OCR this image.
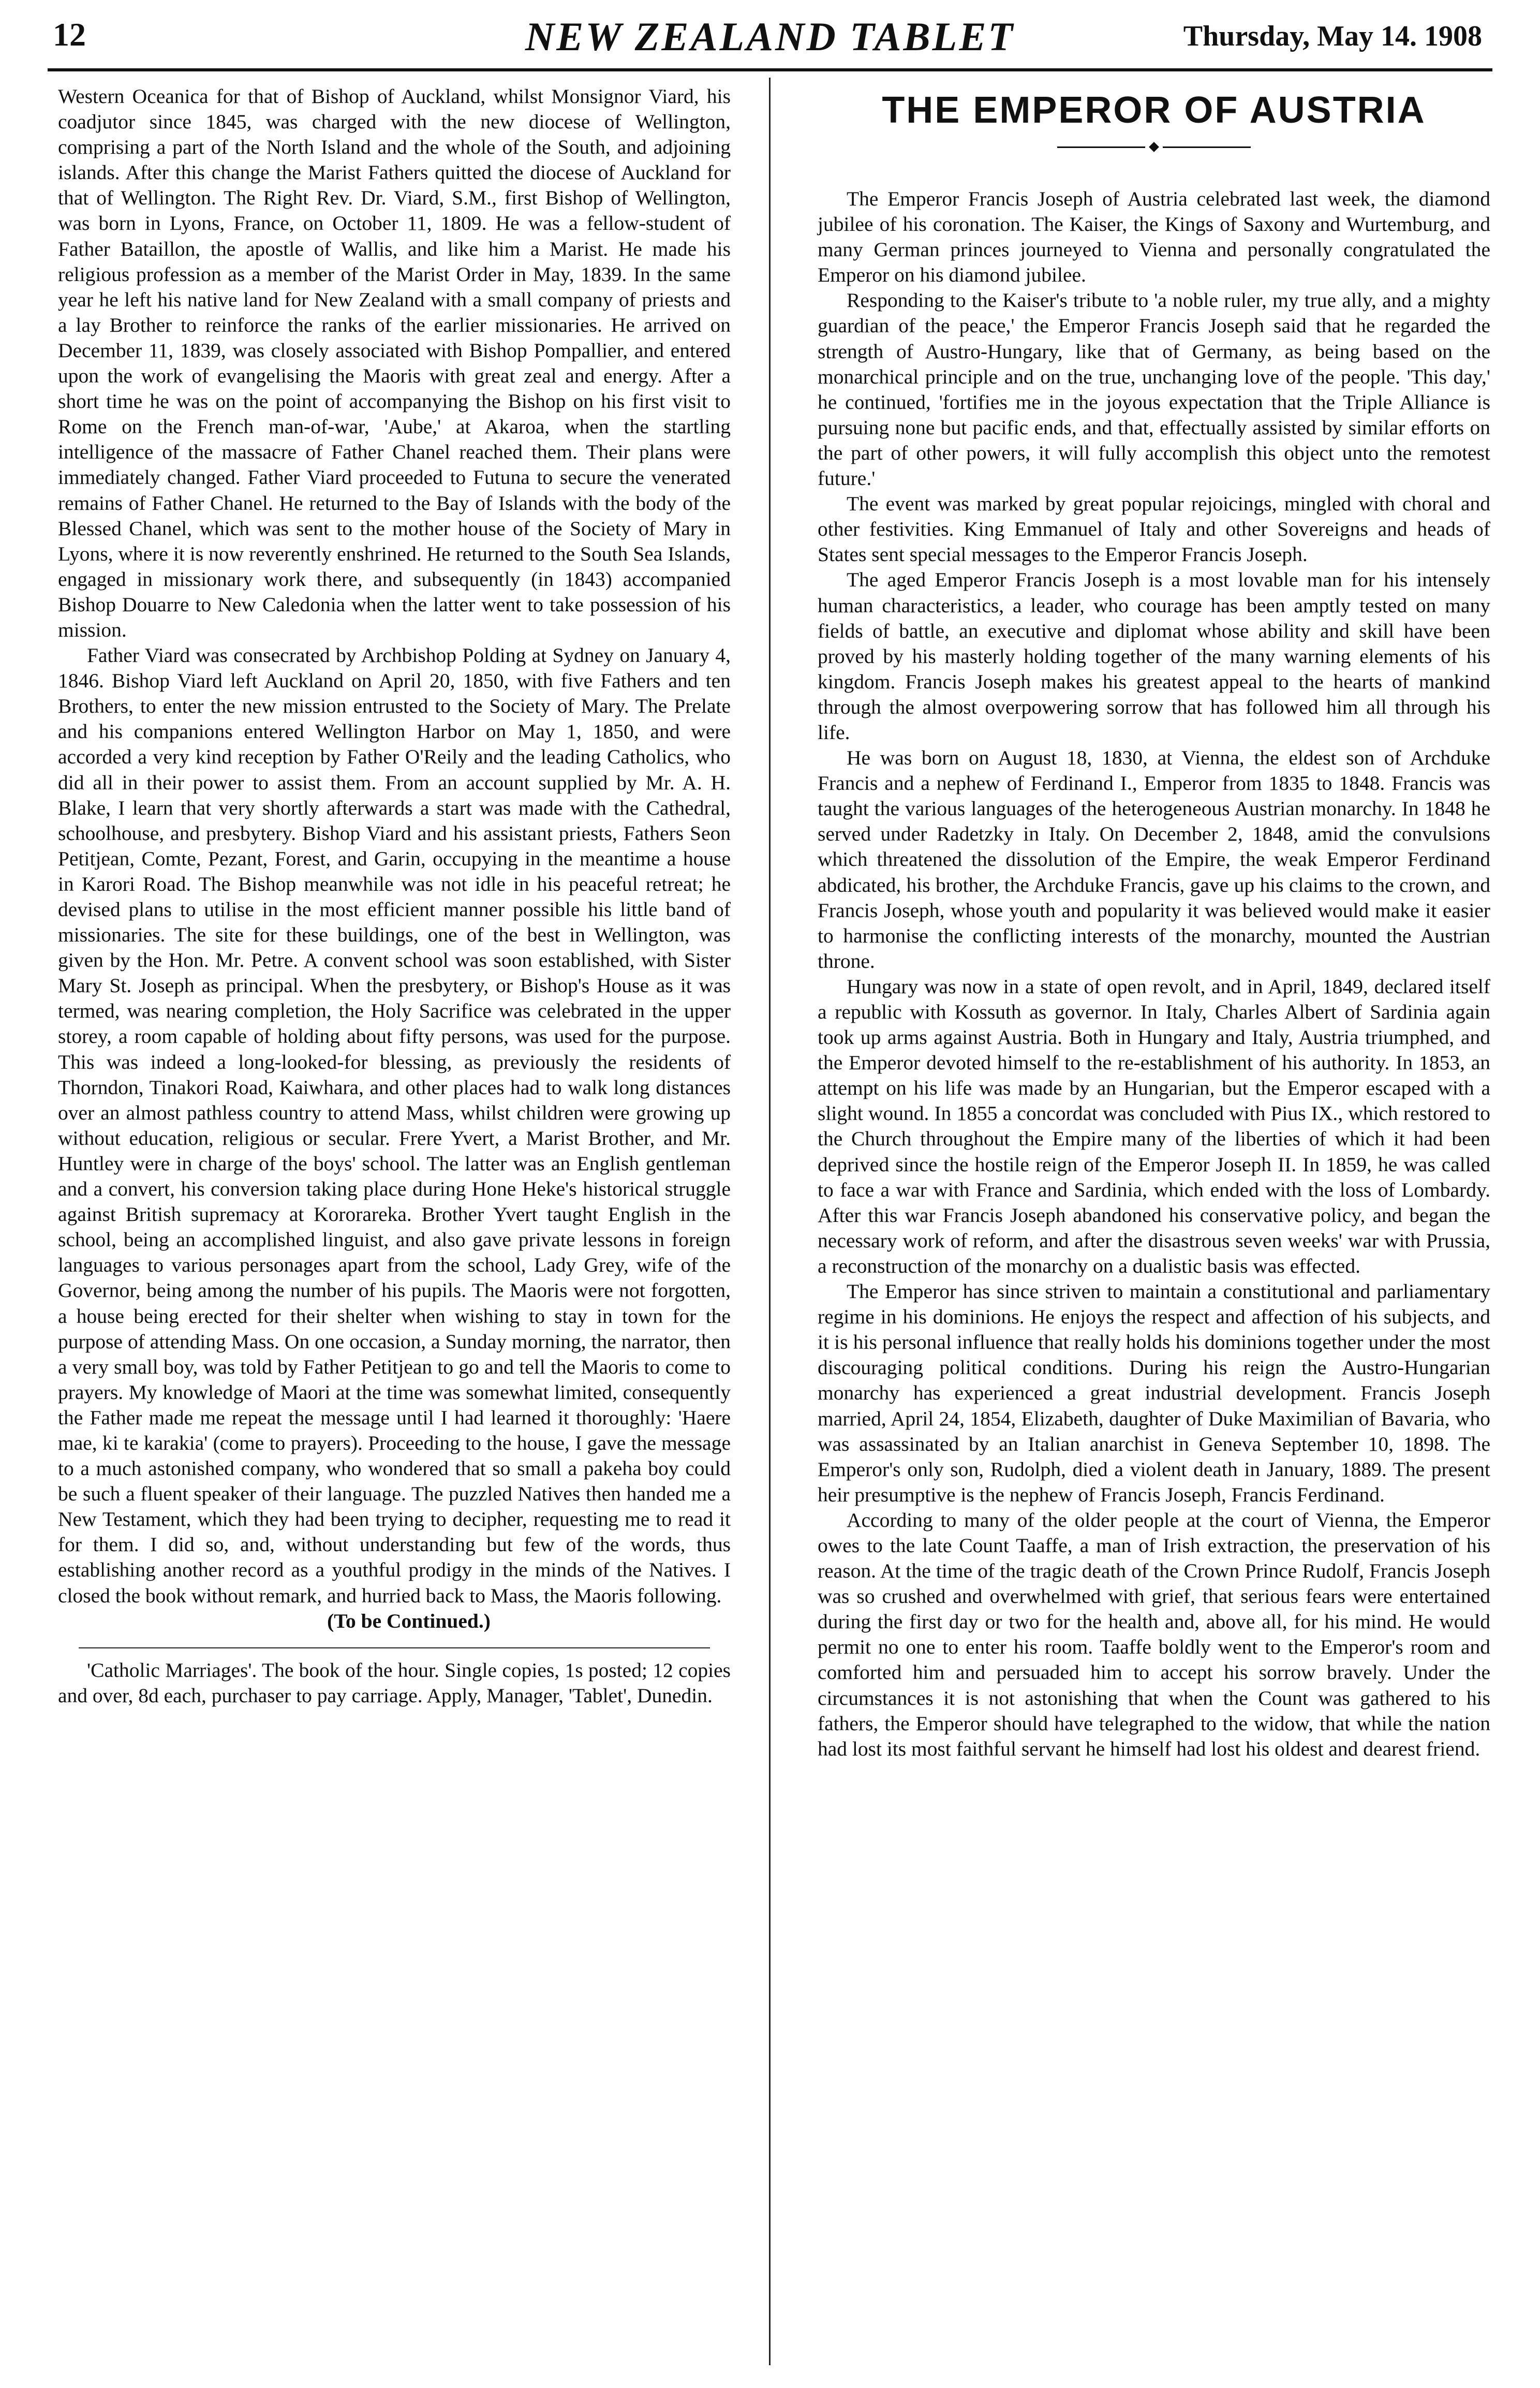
12	NEW ZEALAND TABLET	Thursday, May 14. 1908

Western Oceanica for that of Bishop of Auckland, whilst Monsignor Viard, his coadjutor since 1845, was charged with the new diocese of Wellington, comprising a part of the North Island and the whole of the South, and adjoining islands. After this change the Marist Fathers quitted the diocese of Auckland for that of Wellington. The Right Rev. Dr. Viard, S.M., first Bishop of Wellington, was born in Lyons, France, on October 11, 1809. He was a fellow-student of Father Bataillon, the apostle of Wallis, and like him a Marist. He made his religious profession as a member of the Marist Order in May, 1839. In the same year he left his native land for New Zealand with a small company of priests and a lay Brother to reinforce the ranks of the earlier missionaries. He arrived on December 11, 1839, was closely associated with Bishop Pompallier, and entered upon the work of evangelising the Maoris with great zeal and energy. After a short time he was on the point of accompanying the Bishop on his first visit to Rome on the French man-of-war, 'Aube,' at Akaroa, when the startling intelligence of the massacre of Father Chanel reached them. Their plans were immediately changed. Father Viard proceeded to Futuna to secure the venerated remains of Father Chanel. He returned to the Bay of Islands with the body of the Blessed Chanel, which was sent to the mother house of the Society of Mary in Lyons, where it is now reverently enshrined. He returned to the South Sea Islands, engaged in missionary work there, and subsequently (in 1843) accompanied Bishop Douarre to New Caledonia when the latter went to take possession of his mission.

Father Viard was consecrated by Archbishop Polding at Sydney on January 4, 1846. Bishop Viard left Auckland on April 20, 1850, with five Fathers and ten Brothers, to enter the new mission entrusted to the Society of Mary. The Prelate and his companions entered Wellington Harbor on May 1, 1850, and were accorded a very kind reception by Father O'Reily and the leading Catholics, who did all in their power to assist them. From an account supplied by Mr. A. H. Blake, I learn that very shortly afterwards a start was made with the Cathedral, schoolhouse, and presbytery. Bishop Viard and his assistant priests, Fathers Seon Petitjean, Comte, Pezant, Forest, and Garin, occupying in the meantime a house in Karori Road. The Bishop meanwhile was not idle in his peaceful retreat; he devised plans to utilise in the most efficient manner possible his little band of missionaries. The site for these buildings, one of the best in Wellington, was given by the Hon. Mr. Petre. A convent school was soon established, with Sister Mary St. Joseph as principal. When the presbytery, or Bishop's House as it was termed, was nearing completion, the Holy Sacrifice was celebrated in the upper storey, a room capable of holding about fifty persons, was used for the purpose. This was indeed a long-looked-for blessing, as previously the residents of Thorndon, Tinakori Road, Kaiwhara, and other places had to walk long distances over an almost pathless country to attend Mass, whilst children were growing up without education, religious or secular. Frere Yvert, a Marist Brother, and Mr. Huntley were in charge of the boys' school. The latter was an English gentleman and a convert, his conversion taking place during Hone Heke's historical struggle against British supremacy at Kororareka. Brother Yvert taught English in the school, being an accomplished linguist, and also gave private lessons in foreign languages to various personages apart from the school, Lady Grey, wife of the Governor, being among the number of his pupils. The Maoris were not forgotten, a house being erected for their shelter when wishing to stay in town for the purpose of attending Mass. On one occasion, a Sunday morning, the narrator, then a very small boy, was told by Father Petitjean to go and tell the Maoris to come to prayers. My knowledge of Maori at the time was somewhat limited, consequently the Father made me repeat the message until I had learned it thoroughly: 'Haere mae, ki te karakia' (come to prayers). Proceeding to the house, I gave the message to a much astonished company, who wondered that so small a pakeha boy could be such a fluent speaker of their language. The puzzled Natives then handed me a New Testament, which they had been trying to decipher, requesting me to read it for them. I did so, and, without understanding but few of the words, thus establishing another record as a youthful prodigy in the minds of the Natives. I closed the book without remark, and hurried back to Mass, the Maoris following.

(To be Continued.)

'Catholic Marriages'. The book of the hour. Single copies, 1s posted; 12 copies and over, 8d each, purchaser to pay carriage. Apply, Manager, 'Tablet', Dunedin.

THE EMPEROR OF AUSTRIA

The Emperor Francis Joseph of Austria celebrated last week, the diamond jubilee of his coronation. The Kaiser, the Kings of Saxony and Wurtemburg, and many German princes journeyed to Vienna and personally congratulated the Emperor on his diamond jubilee.

Responding to the Kaiser's tribute to 'a noble ruler, my true ally, and a mighty guardian of the peace,' the Emperor Francis Joseph said that he regarded the strength of Austro-Hungary, like that of Germany, as being based on the monarchical principle and on the true, unchanging love of the people. 'This day,' he continued, 'fortifies me in the joyous expectation that the Triple Alliance is pursuing none but pacific ends, and that, effectually assisted by similar efforts on the part of other powers, it will fully accomplish this object unto the remotest future.'

The event was marked by great popular rejoicings, mingled with choral and other festivities. King Emmanuel of Italy and other Sovereigns and heads of States sent special messages to the Emperor Francis Joseph.

The aged Emperor Francis Joseph is a most lovable man for his intensely human characteristics, a leader, who courage has been amptly tested on many fields of battle, an executive and diplomat whose ability and skill have been proved by his masterly holding together of the many warning elements of his kingdom. Francis Joseph makes his greatest appeal to the hearts of mankind through the almost overpowering sorrow that has followed him all through his life.

He was born on August 18, 1830, at Vienna, the eldest son of Archduke Francis and a nephew of Ferdinand I., Emperor from 1835 to 1848. Francis was taught the various languages of the heterogeneous Austrian monarchy. In 1848 he served under Radetzky in Italy. On December 2, 1848, amid the convulsions which threatened the dissolution of the Empire, the weak Emperor Ferdinand abdicated, his brother, the Archduke Francis, gave up his claims to the crown, and Francis Joseph, whose youth and popularity it was believed would make it easier to harmonise the conflicting interests of the monarchy, mounted the Austrian throne.

Hungary was now in a state of open revolt, and in April, 1849, declared itself a republic with Kossuth as governor. In Italy, Charles Albert of Sardinia again took up arms against Austria. Both in Hungary and Italy, Austria triumphed, and the Emperor devoted himself to the re-establishment of his authority. In 1853, an attempt on his life was made by an Hungarian, but the Emperor escaped with a slight wound. In 1855 a concordat was concluded with Pius IX., which restored to the Church throughout the Empire many of the liberties of which it had been deprived since the hostile reign of the Emperor Joseph II. In 1859, he was called to face a war with France and Sardinia, which ended with the loss of Lombardy. After this war Francis Joseph abandoned his conservative policy, and began the necessary work of reform, and after the disastrous seven weeks' war with Prussia, a reconstruction of the monarchy on a dualistic basis was effected.

The Emperor has since striven to maintain a constitutional and parliamentary regime in his dominions. He enjoys the respect and affection of his subjects, and it is his personal influence that really holds his dominions together under the most discouraging political conditions. During his reign the Austro-Hungarian monarchy has experienced a great industrial development. Francis Joseph married, April 24, 1854, Elizabeth, daughter of Duke Maximilian of Bavaria, who was assassinated by an Italian anarchist in Geneva September 10, 1898. The Emperor's only son, Rudolph, died a violent death in January, 1889. The present heir presumptive is the nephew of Francis Joseph, Francis Ferdinand.

According to many of the older people at the court of Vienna, the Emperor owes to the late Count Taaffe, a man of Irish extraction, the preservation of his reason. At the time of the tragic death of the Crown Prince Rudolf, Francis Joseph was so crushed and overwhelmed with grief, that serious fears were entertained during the first day or two for the health and, above all, for his mind. He would permit no one to enter his room. Taaffe boldly went to the Emperor's room and comforted him and persuaded him to accept his sorrow bravely. Under the circumstances it is not astonishing that when the Count was gathered to his fathers, the Emperor should have telegraphed to the widow, that while the nation had lost its most faithful servant he himself had lost his oldest and dearest friend.
